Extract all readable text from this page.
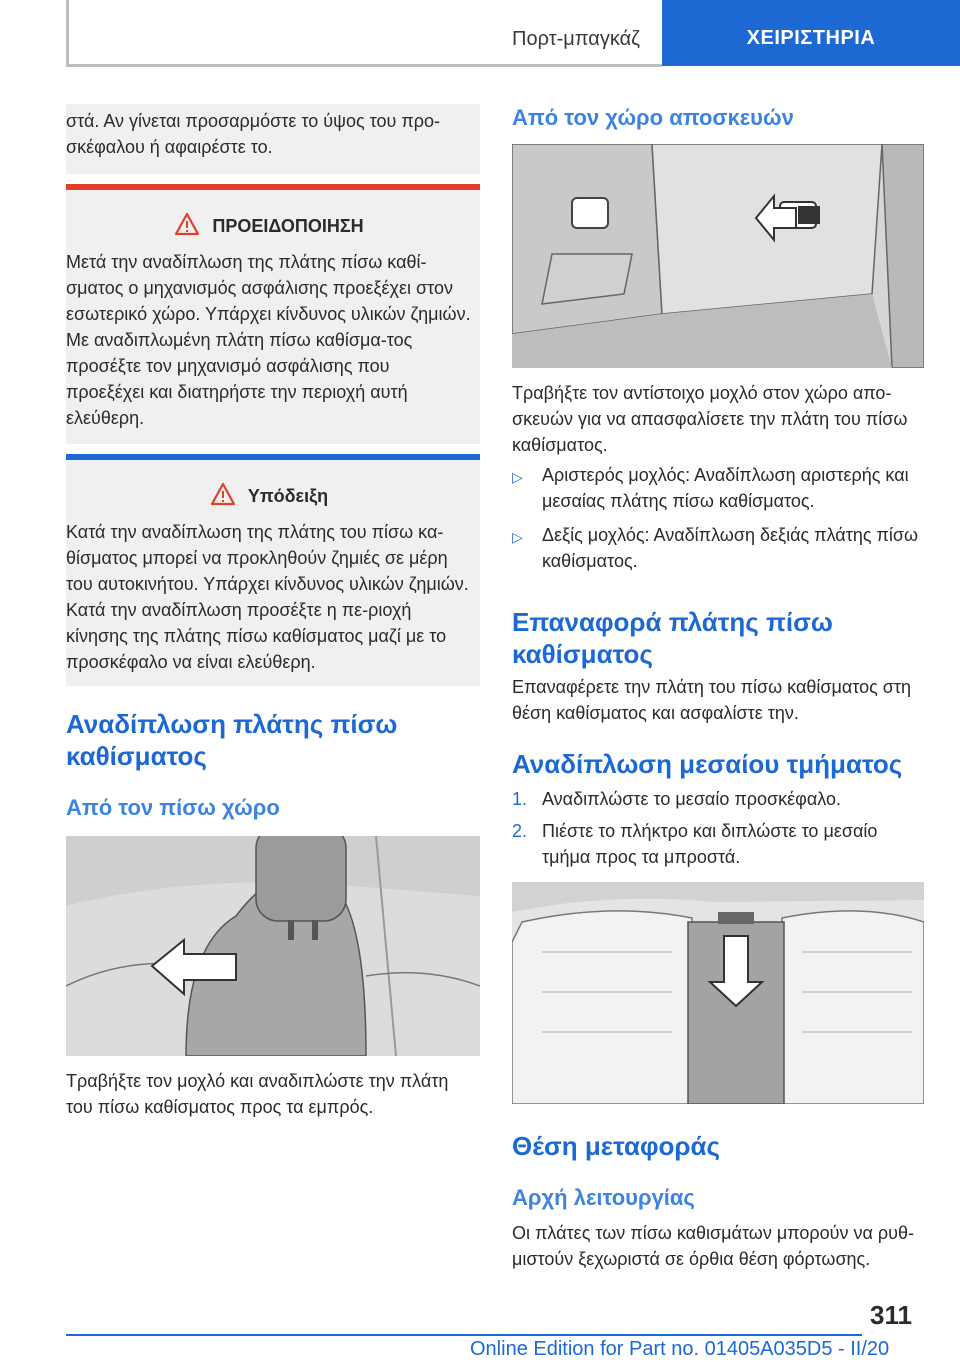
Πορτ-μπαγκάζ	ΧΕΙΡΙΣΤΗΡΙΑ

στά. Αν γίνεται προσαρμόστε το ύψος του προ-σκέφαλου ή αφαιρέστε το.

ΠΡΟΕΙΔΟΠΟΙΗΣΗ

Μετά την αναδίπλωση της πλάτης πίσω καθί-σματος ο μηχανισμός ασφάλισης προεξέχει στον εσωτερικό χώρο. Υπάρχει κίνδυνος υλικών ζημιών. Με αναδιπλωμένη πλάτη πίσω καθίσμα-τος προσέξτε τον μηχανισμό ασφάλισης που προεξέχει και διατηρήστε την περιοχή αυτή ελεύθερη.

Υπόδειξη

Κατά την αναδίπλωση της πλάτης του πίσω κα-θίσματος μπορεί να προκληθούν ζημιές σε μέρη του αυτοκινήτου. Υπάρχει κίνδυνος υλικών ζημιών. Κατά την αναδίπλωση προσέξτε η πε-ριοχή κίνησης της πλάτης πίσω καθίσματος μαζί με το προσκέφαλο να είναι ελεύθερη.

Αναδίπλωση πλάτης πίσω καθίσματος
Από τον πίσω χώρο

Τραβήξτε τον μοχλό και αναδιπλώστε την πλάτη του πίσω καθίσματος προς τα εμπρός.

Από τον χώρο αποσκευών

Τραβήξτε τον αντίστοιχο μοχλό στον χώρο απο-σκευών για να απασφαλίσετε την πλάτη του πίσω καθίσματος.

▷	Αριστερός μοχλός: Αναδίπλωση αριστερής και μεσαίας πλάτης πίσω καθίσματος.
▷	Δεξίς μοχλός: Αναδίπλωση δεξιάς πλάτης πίσω καθίσματος.
Επαναφορά πλάτης πίσω καθίσματος

Επαναφέρετε την πλάτη του πίσω καθίσματος στη θέση καθίσματος και ασφαλίστε την.

Αναδίπλωση μεσαίου τμήματος
1. Αναδιπλώστε το μεσαίο προσκέφαλο.
2. Πιέστε το πλήκτρο και διπλώστε το μεσαίο τμήμα προς τα μπροστά.
Θέση μεταφοράς
Αρχή λειτουργίας

Οι πλάτες των πίσω καθισμάτων μπορούν να ρυθ-μιστούν ξεχωριστά σε όρθια θέση φόρτωσης.

311
Online Edition for Part no. 01405A035D5 - II/20
